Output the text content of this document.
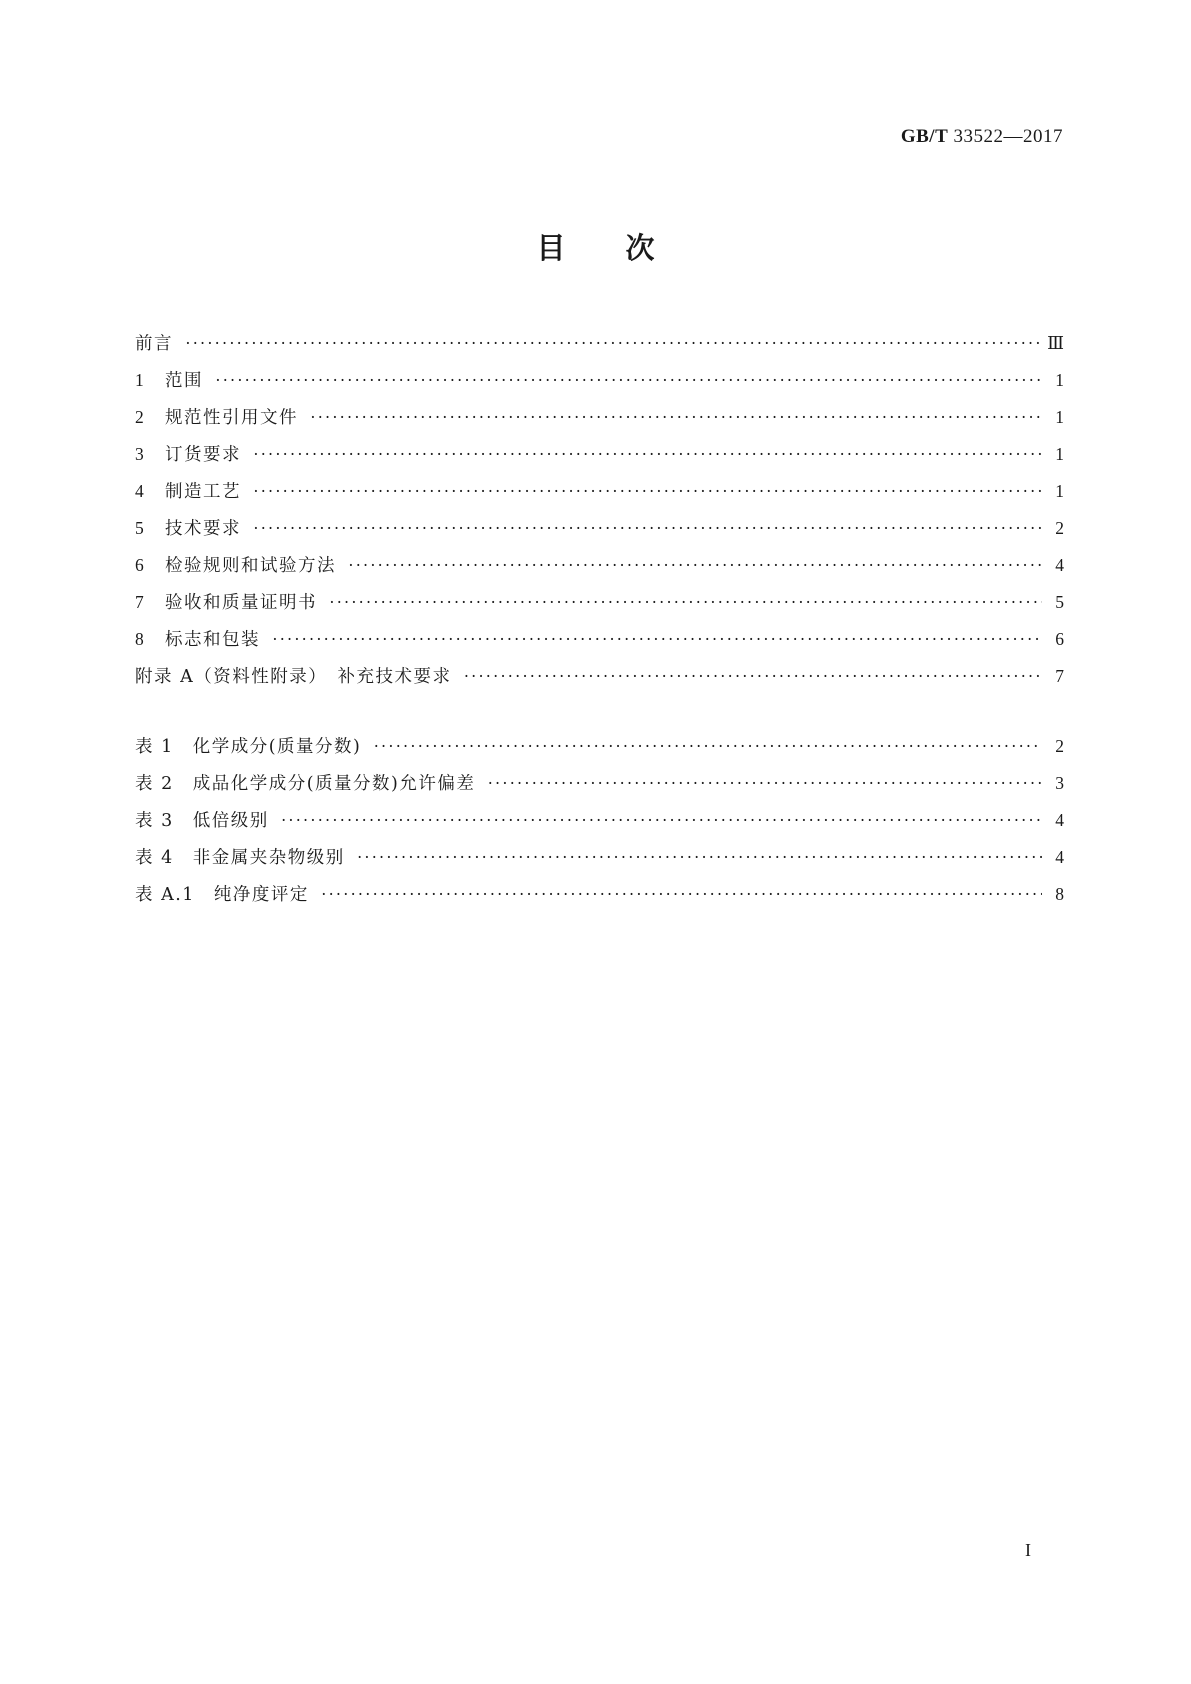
GB/T 33522—2017
目次
前言 ·····	Ⅲ
1	范围 ·····	1
2	规范性引用文件 ·····	1
3	订货要求 ·····	1
4	制造工艺 ·····	1
5	技术要求 ·····	2
6	检验规则和试验方法 ·····	4
7	验收和质量证明书 ·····	5
8	标志和包装 ·····	6
附录 A（资料性附录）　补充技术要求 ·····	7
表 1　化学成分(质量分数) ·····	2
表 2　成品化学成分(质量分数)允许偏差 ·····	3
表 3　低倍级别 ·····	4
表 4　非金属夹杂物级别 ·····	4
表 A.1　纯净度评定 ·····	8
I
